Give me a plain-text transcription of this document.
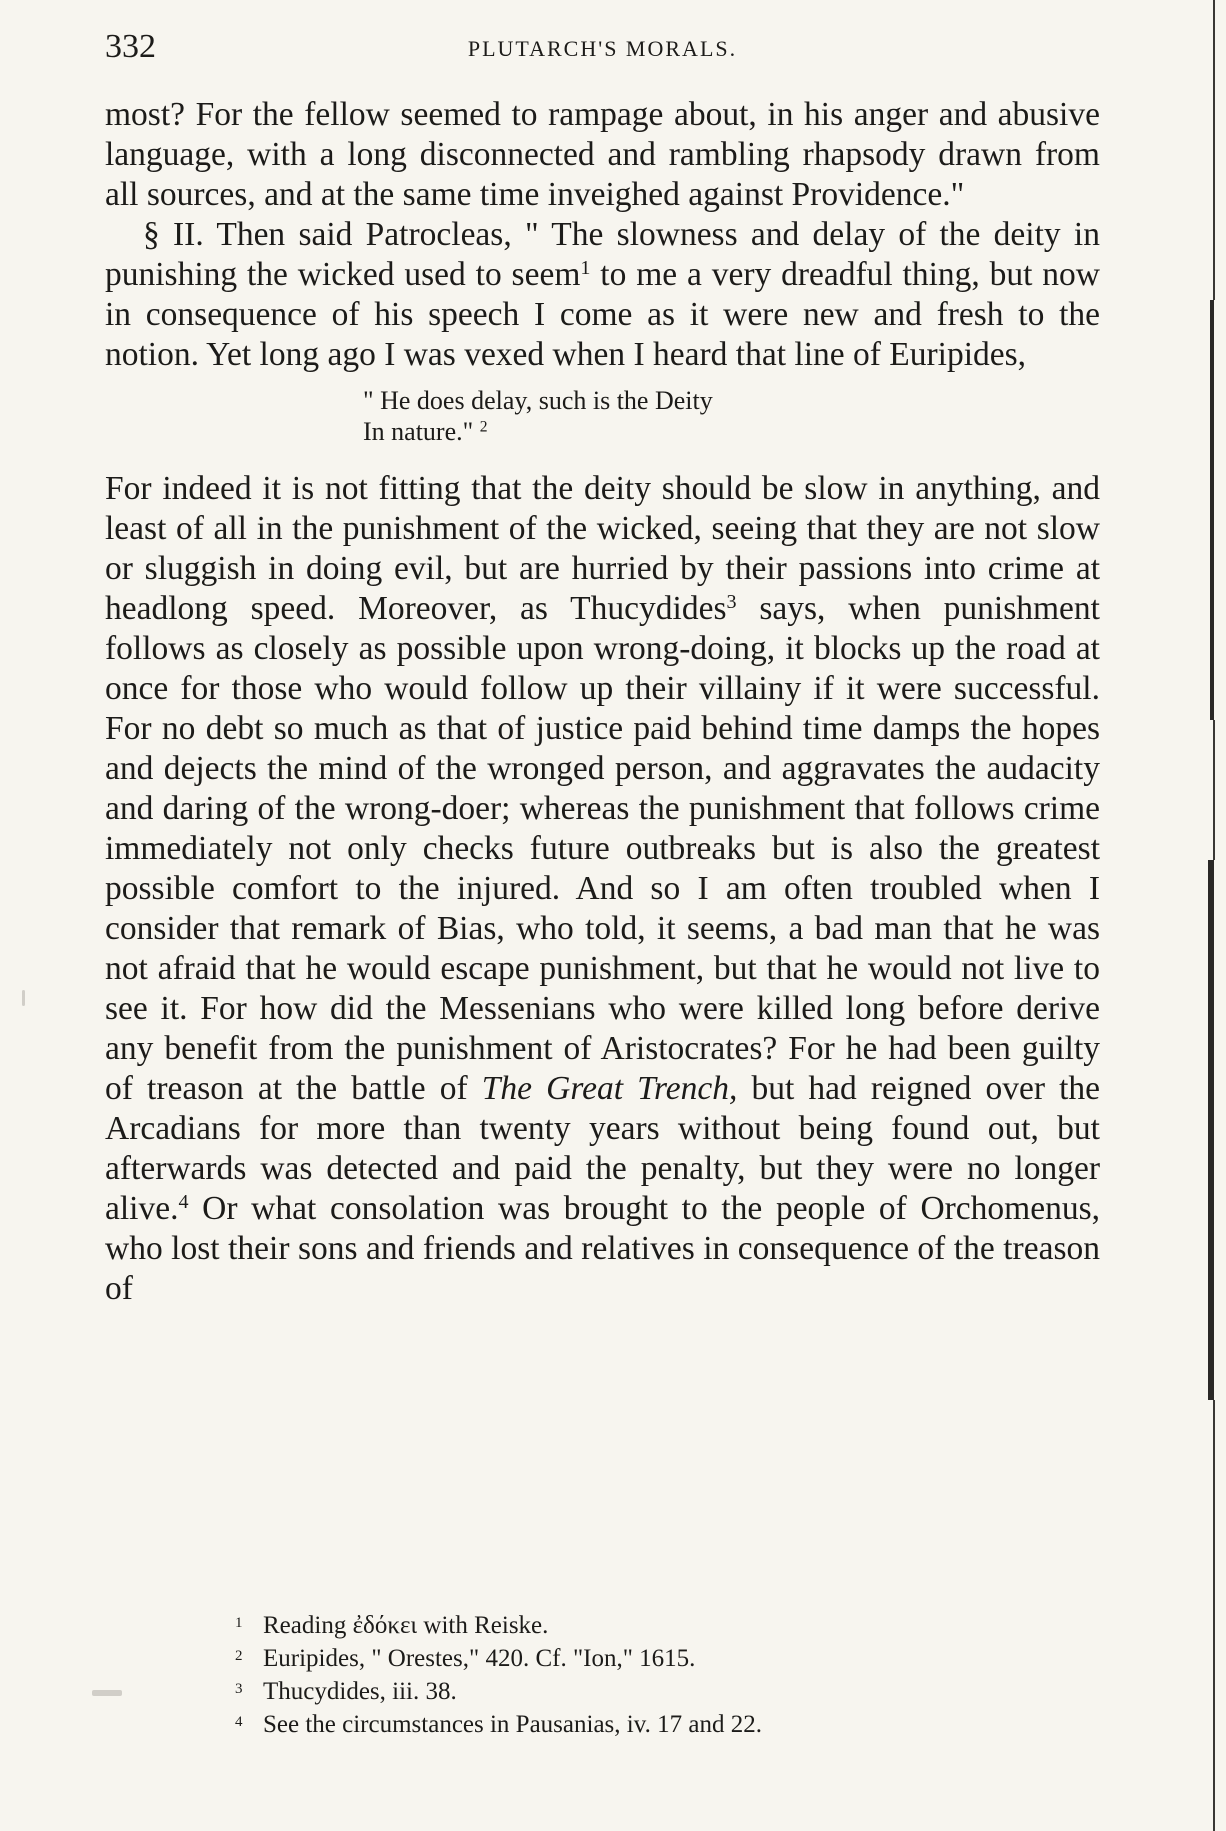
332	PLUTARCH'S MORALS.

most? For the fellow seemed to rampage about, in his anger and abusive language, with a long disconnected and rambling rhapsody drawn from all sources, and at the same time inveighed against Providence."

§ II. Then said Patrocleas, " The slowness and delay of the deity in punishing the wicked used to seem$^1$ to me a very dreadful thing, but now in consequence of his speech I come as it were new and fresh to the notion. Yet long ago I was vexed when I heard that line of Euripides,

" He does delay, such is the Deity
In nature." $^2$

For indeed it is not fitting that the deity should be slow in anything, and least of all in the punishment of the wicked, seeing that they are not slow or sluggish in doing evil, but are hurried by their passions into crime at headlong speed. Moreover, as Thucydides$^3$ says, when punishment follows as closely as possible upon wrong-doing, it blocks up the road at once for those who would follow up their villainy if it were successful. For no debt so much as that of justice paid behind time damps the hopes and dejects the mind of the wronged person, and aggravates the audacity and daring of the wrong-doer; whereas the punishment that follows crime immediately not only checks future outbreaks but is also the greatest possible comfort to the injured. And so I am often troubled when I consider that remark of Bias, who told, it seems, a bad man that he was not afraid that he would escape punishment, but that he would not live to see it. For how did the Messenians who were killed long before derive any benefit from the punishment of Aristocrates? For he had been guilty of treason at the battle of The Great Trench, but had reigned over the Arcadians for more than twenty years without being found out, but afterwards was detected and paid the penalty, but they were no longer alive.$^4$ Or what consolation was brought to the people of Orchomenus, who lost their sons and friends and relatives in consequence of the treason of

1 Reading ἐδόκει with Reiske.
2 Euripides, " Orestes," 420. Cf. "Ion," 1615.
3 Thucydides, iii. 38.
4 See the circumstances in Pausanias, iv. 17 and 22.
